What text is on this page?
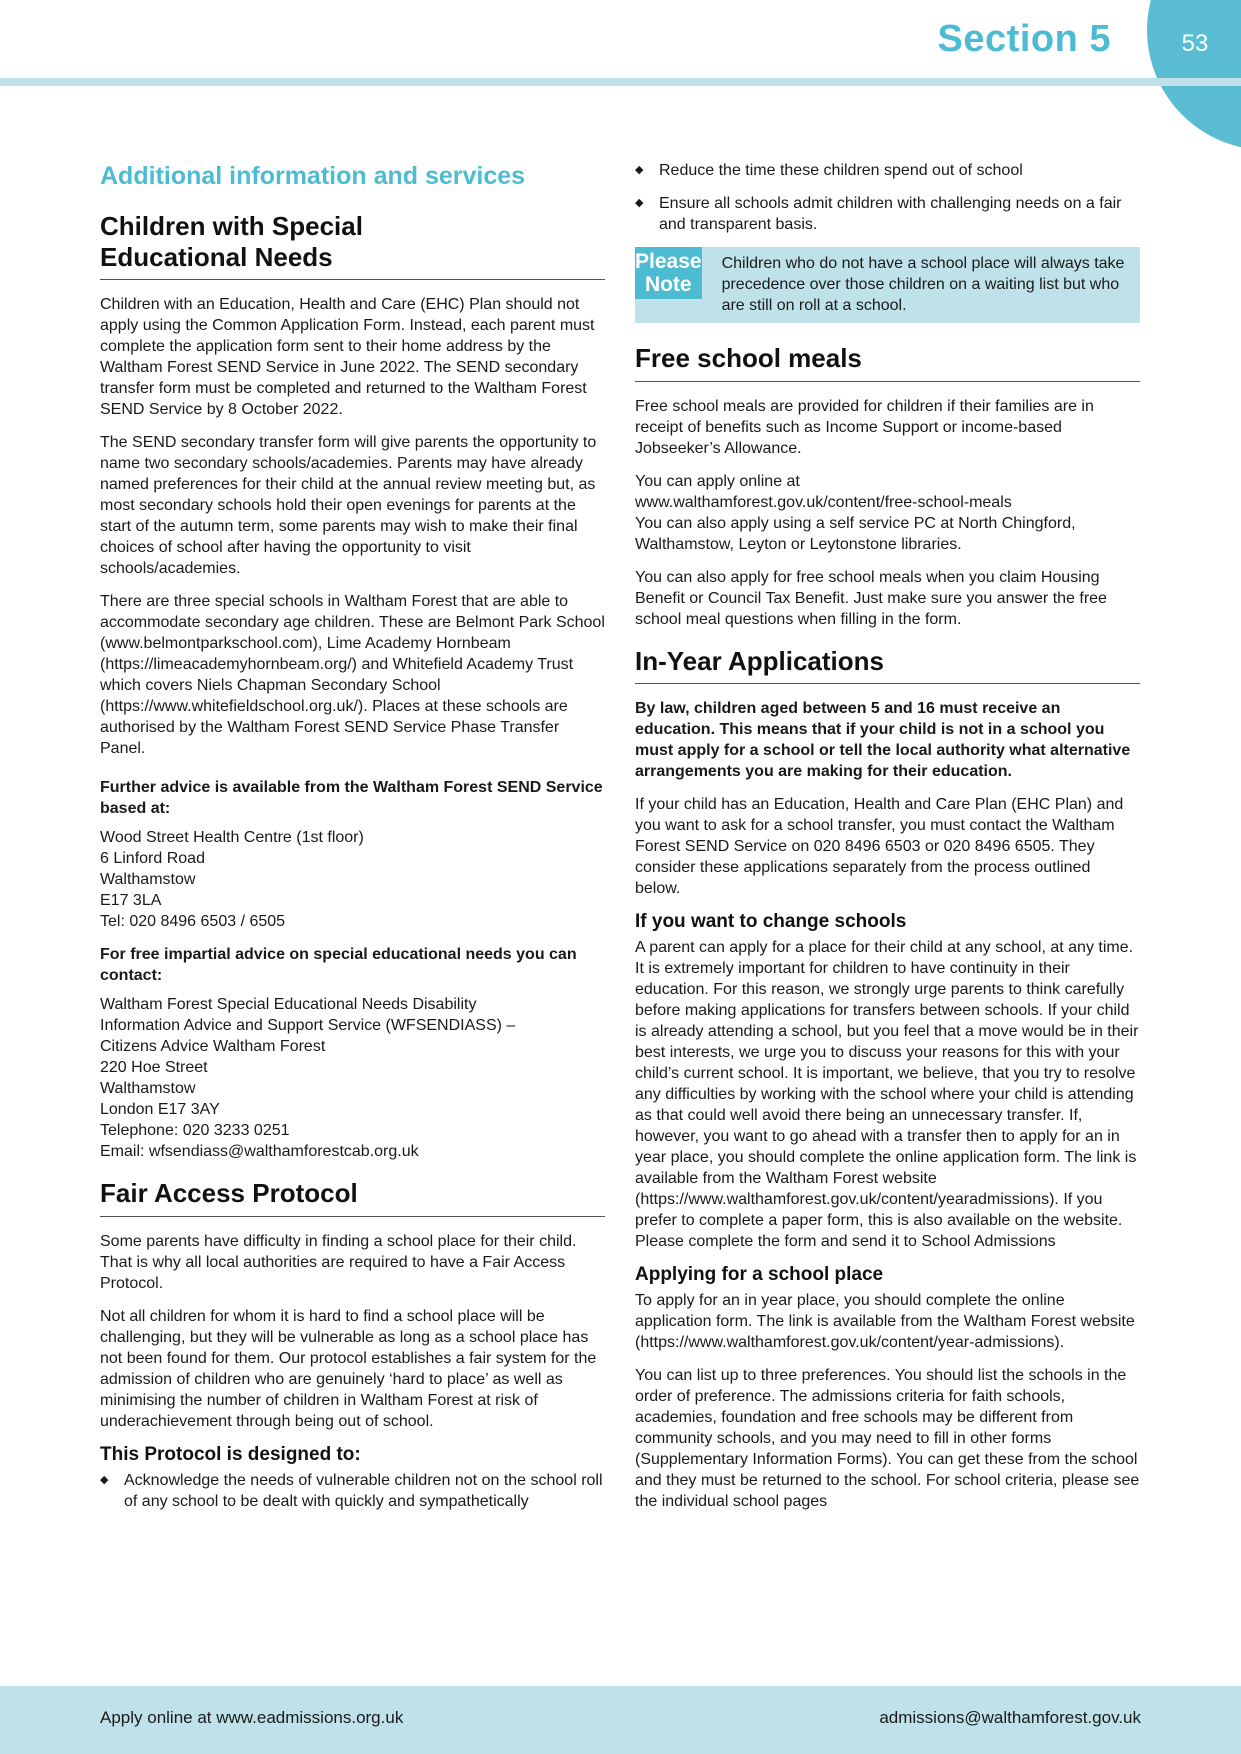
53
Section 5
Additional information and services
Children with Special
Educational Needs

Children with an Education, Health and Care (EHC) Plan should not apply using the Common Application Form. Instead, each parent must complete the application form sent to their home address by the Waltham Forest SEND Service in June 2022. The SEND secondary transfer form must be completed and returned to the Waltham Forest SEND Service by 8 October 2022.

The SEND secondary transfer form will give parents the opportunity to name two secondary schools/academies. Parents may have already named preferences for their child at the annual review meeting but, as most secondary schools hold their open evenings for parents at the start of the autumn term, some parents may wish to make their final choices of school after having the opportunity to visit schools/academies.

There are three special schools in Waltham Forest that are able to accommodate secondary age children. These are Belmont Park School (www.belmontparkschool.com), Lime Academy Hornbeam (https://limeacademyhornbeam.org/) and Whitefield Academy Trust which covers Niels Chapman Secondary School (https://www.whitefieldschool.org.uk/). Places at these schools are authorised by the Waltham Forest SEND Service Phase Transfer Panel.

Further advice is available from the Waltham Forest SEND Service based at:

Wood Street Health Centre (1st floor)
6 Linford Road
Walthamstow
E17 3LA
Tel: 020 8496 6503 / 6505

For free impartial advice on special educational needs you can contact:

Waltham Forest Special Educational Needs Disability
Information Advice and Support Service (WFSENDIASS) –
Citizens Advice Waltham Forest
220 Hoe Street
Walthamstow
London E17 3AY
Telephone: 020 3233 0251
Email: wfsendiass@walthamforestcab.org.uk
Fair Access Protocol

Some parents have difficulty in finding a school place for their child. That is why all local authorities are required to have a Fair Access Protocol.

Not all children for whom it is hard to find a school place will be challenging, but they will be vulnerable as long as a school place has not been found for them. Our protocol establishes a fair system for the admission of children who are genuinely ‘hard to place’ as well as minimising the number of children in Waltham Forest at risk of underachievement through being out of school.

This Protocol is designed to:
◆ Acknowledge the needs of vulnerable children not on the school roll of any school to be dealt with quickly and sympathetically
◆ Reduce the time these children spend out of school
◆ Ensure all schools admit children with challenging needs on a fair and transparent basis.
Please
Note
Children who do not have a school place will always take precedence over those children on a waiting list but who are still on roll at a school.
Free school meals

Free school meals are provided for children if their families are in receipt of benefits such as Income Support or income-based Jobseeker’s Allowance.

You can apply online at
www.walthamforest.gov.uk/content/free-school-meals
You can also apply using a self service PC at North Chingford, Walthamstow, Leyton or Leytonstone libraries.

You can also apply for free school meals when you claim Housing Benefit or Council Tax Benefit. Just make sure you answer the free school meal questions when filling in the form.

In-Year Applications

By law, children aged between 5 and 16 must receive an education. This means that if your child is not in a school you must apply for a school or tell the local authority what alternative arrangements you are making for their education.

If your child has an Education, Health and Care Plan (EHC Plan) and you want to ask for a school transfer, you must contact the Waltham Forest SEND Service on 020 8496 6503 or 020 8496 6505. They consider these applications separately from the process outlined below.

If you want to change schools

A parent can apply for a place for their child at any school, at any time. It is extremely important for children to have continuity in their education. For this reason, we strongly urge parents to think carefully before making applications for transfers between schools. If your child is already attending a school, but you feel that a move would be in their best interests, we urge you to discuss your reasons for this with your child’s current school. It is important, we believe, that you try to resolve any difficulties by working with the school where your child is attending as that could well avoid there being an unnecessary transfer. If, however, you want to go ahead with a transfer then to apply for an in year place, you should complete the online application form. The link is available from the Waltham Forest website (https://www.walthamforest.gov.uk/content/yearadmissions). If you prefer to complete a paper form, this is also available on the website. Please complete the form and send it to School Admissions

Applying for a school place

To apply for an in year place, you should complete the online application form. The link is available from the Waltham Forest website (https://www.walthamforest.gov.uk/content/year-admissions).

You can list up to three preferences. You should list the schools in the order of preference. The admissions criteria for faith schools, academies, foundation and free schools may be different from community schools, and you may need to fill in other forms (Supplementary Information Forms). You can get these from the school and they must be returned to the school. For school criteria, please see the individual school pages

Apply online at www.eadmissions.org.uk	admissions@walthamforest.gov.uk
